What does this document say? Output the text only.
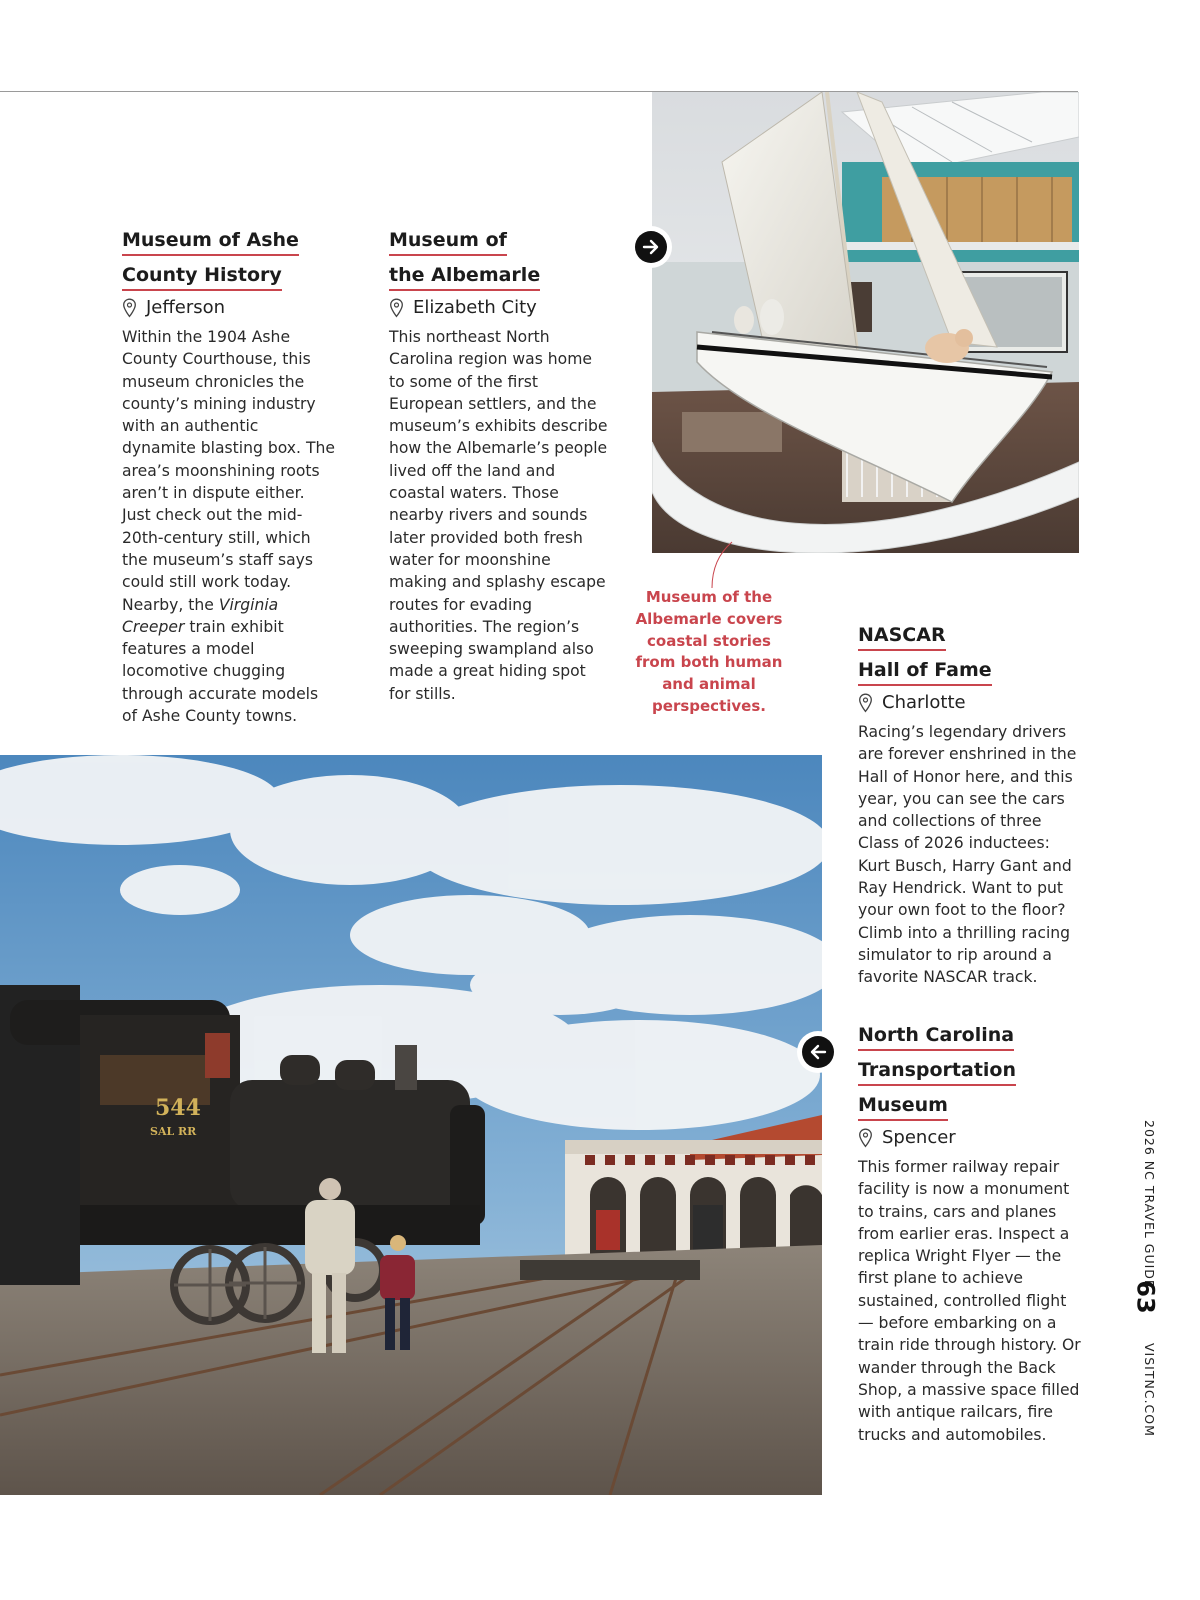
Museum of Ashe
County History
Jefferson
Within the 1904 Ashe County Courthouse, this museum chronicles the county’s mining industry with an authentic dynamite blasting box. The area’s moonshining roots aren’t in dispute either. Just check out the mid-20th-century still, which the museum’s staff says could still work today. Nearby, the Virginia Creeper train exhibit features a model locomotive chugging through accurate models of Ashe County towns.
Museum of
the Albemarle
Elizabeth City
This northeast North Carolina region was home to some of the first European settlers, and the museum’s exhibits describe how the Albemarle’s people lived off the land and coastal waters. Those nearby rivers and sounds later provided both fresh water for moonshine making and splashy escape routes for evading authorities. The region’s sweeping swampland also made a great hiding spot for stills.
Museum of the Albemarle covers coastal stories from both human and animal perspectives.
NASCAR
Hall of Fame
Charlotte
Racing’s legendary drivers are forever enshrined in the Hall of Honor here, and this year, you can see the cars and collections of three Class of 2026 inductees: Kurt Busch, Harry Gant and Ray Hendrick. Want to put your own foot to the floor? Climb into a thrilling racing simulator to rip around a favorite NASCAR track.
544
SAL RR
North Carolina
Transportation
Museum
Spencer
This former railway repair facility is now a monument to trains, cars and planes from earlier eras. Inspect a replica Wright Flyer — the first plane to achieve sustained, controlled flight — before embarking on a train ride through history. Or wander through the Back Shop, a massive space filled with antique railcars, fire trucks and automobiles.
2026 NC TRAVEL GUIDE
63
VISITNC.COM
